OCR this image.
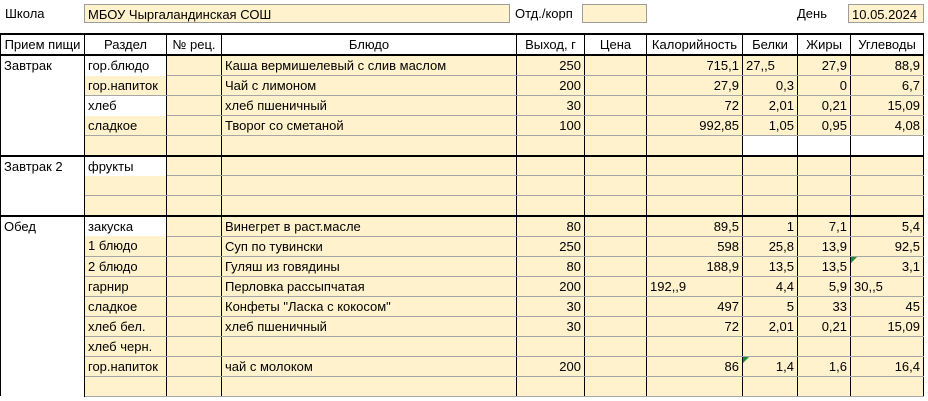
Школа	МБОУ Чыргаландинская СОШ	Отд./корп	День	10.05.2024
Прием пищи	Раздел	№ рец.	Блюдо	Выход, г	Цена	Калорийность	Белки	Жиры	Углеводы
Завтрак	гор.блюдо		Каша вермишелевый с слив маслом	250		715,1	27,,5	27,9	88,9
	гор.напиток		Чай с лимоном	200		27,9	0,3	0	6,7
	хлеб		хлеб пшеничный	30		72	2,01	0,21	15,09
	сладкое		Творог со сметаной	100		992,85	1,05	0,95	4,08

Завтрак 2	фрукты								

Обед	закуска		Винегрет в раст.масле	80		89,5	1	7,1	5,4
	1 блюдо		Суп по тувински	250		598	25,8	13,9	92,5
	2 блюдо		Гуляш из говядины	80		188,9	13,5	13,5	3,1
	гарнир		Перловка рассыпчатая	200		192,,9	4,4	5,9	30,,5
	сладкое		Конфеты "Ласка с кокосом"	30		497	5	33	45
	хлеб бел.		хлеб пшеничный	30		72	2,01	0,21	15,09
	хлеб черн.								
	гор.напиток		чай с молоком	200		86	1,4	1,6	16,4
